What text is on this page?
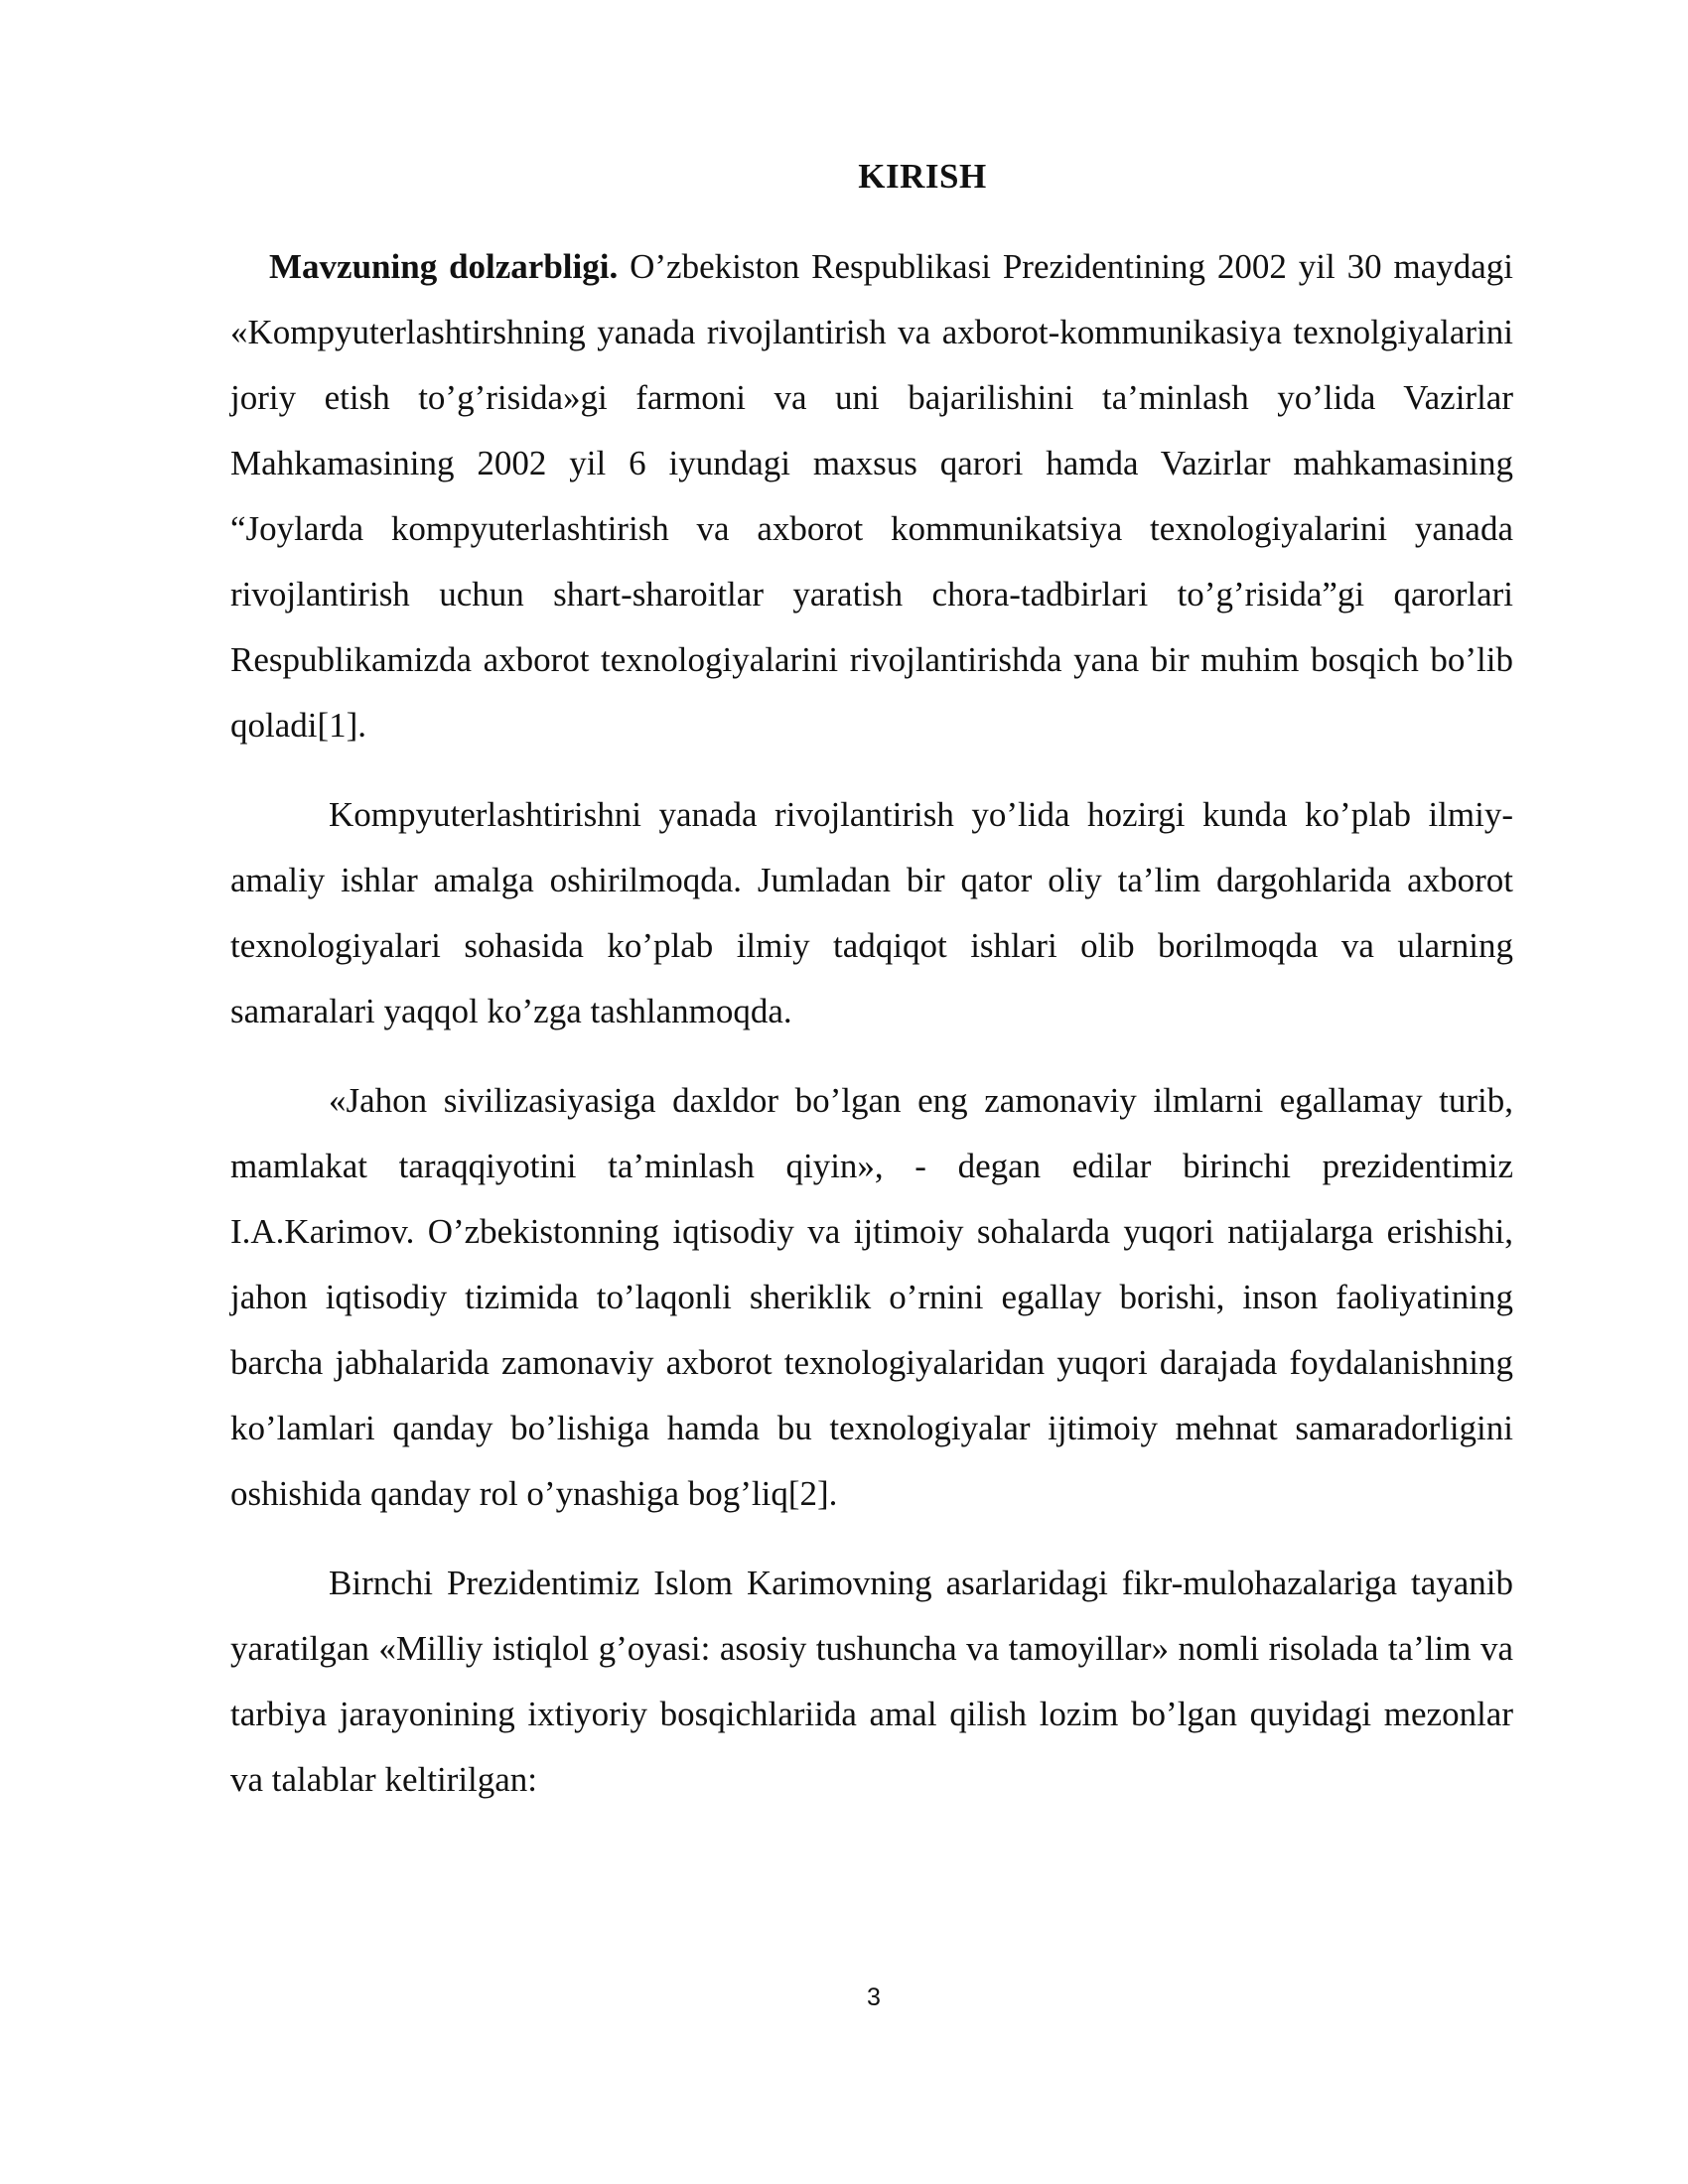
KIRISH

Mavzuning dolzarbligi. O’zbekiston Respublikasi Prezidentining 2002 yil 30 maydagi «Kompyuterlashtirshning yanada rivojlantirish va axborot-kommunikasiya texnolgiyalarini joriy etish to’g’risida»gi farmoni va uni bajarilishini ta’minlash yo’lida Vazirlar Mahkamasining 2002 yil 6 iyundagi maxsus qarori hamda Vazirlar mahkamasining “Joylarda kompyuterlashtirish va axborot kommunikatsiya texnologiyalarini yanada rivojlantirish uchun shart-sharoitlar yaratish chora-tadbirlari to’g’risida”gi qarorlari Respublikamizda axborot texnologiyalarini rivojlantirishda yana bir muhim bosqich bo’lib qoladi[1].

Kompyuterlashtirishni yanada rivojlantirish yo’lida hozirgi kunda ko’plab ilmiy-amaliy ishlar amalga oshirilmoqda. Jumladan bir qator oliy ta’lim dargohlarida axborot texnologiyalari sohasida ko’plab ilmiy tadqiqot ishlari olib borilmoqda va ularning samaralari yaqqol ko’zga tashlanmoqda.

«Jahon sivilizasiyasiga daxldor bo’lgan eng zamonaviy ilmlarni egallamay turib, mamlakat taraqqiyotini ta’minlash qiyin», - degan edilar birinchi prezidentimiz I.A.Karimov. O’zbekistonning iqtisodiy va ijtimoiy sohalarda yuqori natijalarga erishishi, jahon iqtisodiy tizimida to’laqonli sheriklik o’rnini egallay borishi, inson faoliyatining barcha jabhalarida zamonaviy axborot texnologiyalaridan yuqori darajada foydalanishning ko’lamlari qanday bo’lishiga hamda bu texnologiyalar ijtimoiy mehnat samaradorligini oshishida qanday rol o’ynashiga bog’liq[2].

Birnchi Prezidentimiz Islom Karimovning asarlaridagi fikr-mulohazalariga tayanib yaratilgan «Milliy istiqlol g’oyasi: asosiy tushuncha va tamoyillar» nomli risolada ta’lim va tarbiya jarayonining ixtiyoriy bosqichlariida amal qilish lozim bo’lgan quyidagi mezonlar va talablar keltirilgan:

3
